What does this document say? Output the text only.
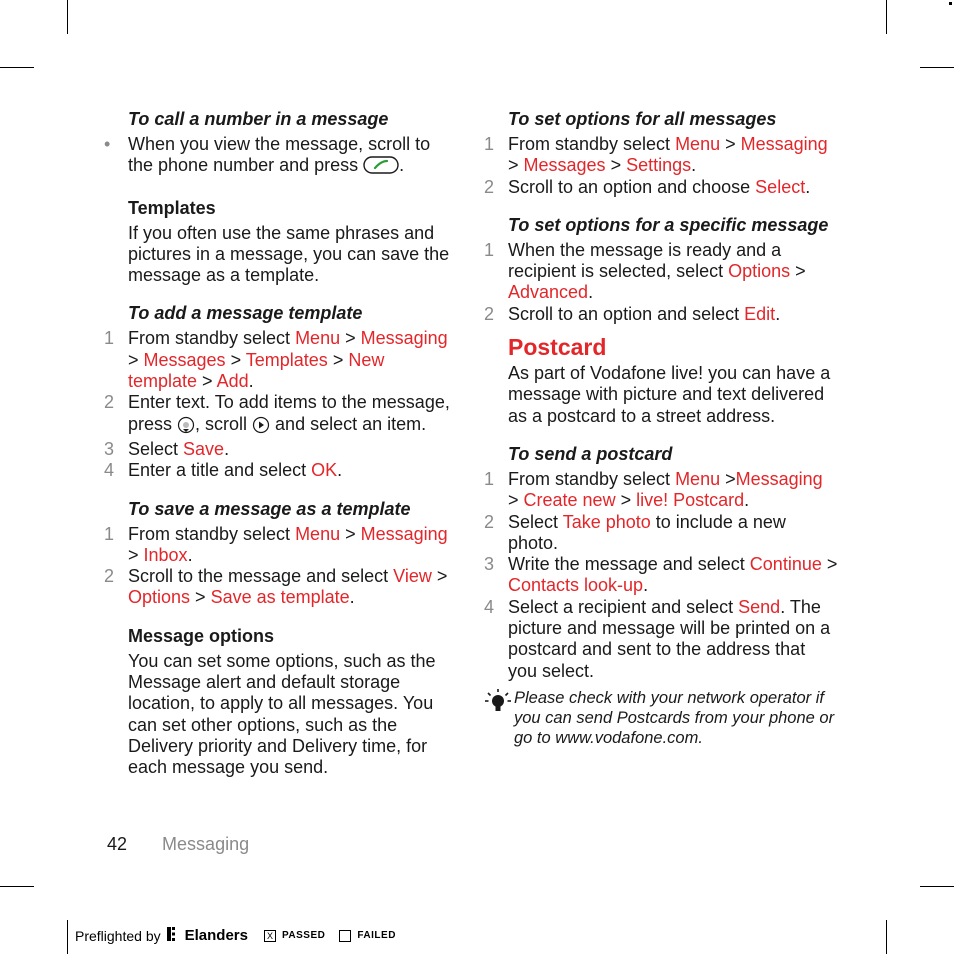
To call a number in a message
• When you view the message, scroll to the phone number and press .
Templates

If you often use the same phrases and pictures in a message, you can save the message as a template.

To add a message template
1 From standby select Menu > Messaging > Messages > Templates > New template > Add.
2 Enter text. To add items to the message, press , scroll  and select an item.
3 Select Save.
4 Enter a title and select OK.
To save a message as a template
1 From standby select Menu > Messaging > Inbox.
2 Scroll to the message and select View > Options > Save as template.
Message options

You can set some options, such as the Message alert and default storage location, to apply to all messages. You can set other options, such as the Delivery priority and Delivery time, for each message you send.

To set options for all messages
1 From standby select Menu > Messaging > Messages > Settings.
2 Scroll to an option and choose Select.
To set options for a specific message
1 When the message is ready and a recipient is selected, select Options > Advanced.
2 Scroll to an option and select Edit.
Postcard

As part of Vodafone live! you can have a message with picture and text delivered as a postcard to a street address.

To send a postcard
1 From standby select Menu >Messaging > Create new > live! Postcard.
2 Select Take photo to include a new photo.
3 Write the message and select Continue > Contacts look-up.
4 Select a recipient and select Send. The picture and message will be printed on a postcard and sent to the address that you select.
Please check with your network operator if you can send Postcards from your phone or go to www.vodafone.com.
42 Messaging
Preflighted by Elanders	X PASSED	FAILED
